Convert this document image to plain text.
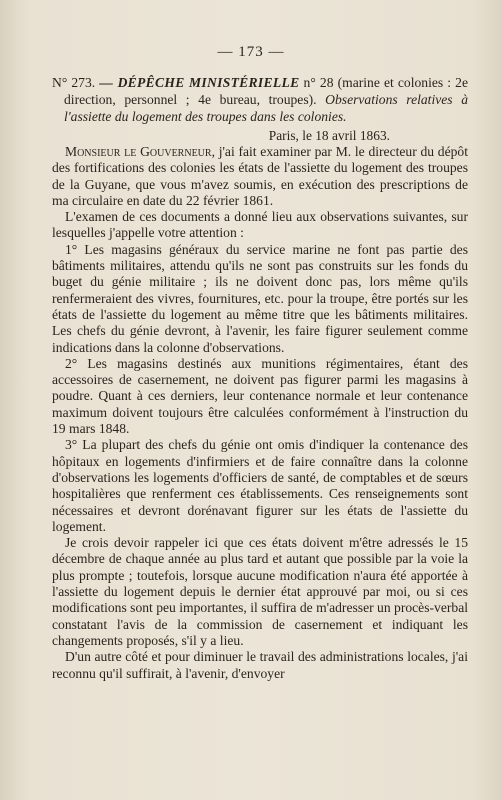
— 173 —
N° 273. — DÉPÊCHE MINISTÉRIELLE n° 28 (marine et colonies : 2e direction, personnel ; 4e bureau, troupes). Observations relatives à l'assiette du logement des troupes dans les colonies.
Paris, le 18 avril 1863.

Monsieur le Gouverneur, j'ai fait examiner par M. le directeur du dépôt des fortifications des colonies les états de l'assiette du logement des troupes de la Guyane, que vous m'avez soumis, en exécution des prescriptions de ma circulaire en date du 22 février 1861.

L'examen de ces documents a donné lieu aux observations suivantes, sur lesquelles j'appelle votre attention :

1° Les magasins généraux du service marine ne font pas partie des bâtiments militaires, attendu qu'ils ne sont pas construits sur les fonds du buget du génie militaire ; ils ne doivent donc pas, lors même qu'ils renfermeraient des vivres, fournitures, etc. pour la troupe, être portés sur les états de l'assiette du logement au même titre que les bâtiments militaires. Les chefs du génie devront, à l'avenir, les faire figurer seulement comme indications dans la colonne d'observations.

2° Les magasins destinés aux munitions régimentaires, étant des accessoires de casernement, ne doivent pas figurer parmi les magasins à poudre. Quant à ces derniers, leur contenance normale et leur contenance maximum doivent toujours être calculées conformément à l'instruction du 19 mars 1848.

3° La plupart des chefs du génie ont omis d'indiquer la contenance des hôpitaux en logements d'infirmiers et de faire connaître dans la colonne d'observations les logements d'officiers de santé, de comptables et de sœurs hospitalières que renferment ces établissements. Ces renseignements sont nécessaires et devront dorénavant figurer sur les états de l'assiette du logement.

Je crois devoir rappeler ici que ces états doivent m'être adressés le 15 décembre de chaque année au plus tard et autant que possible par la voie la plus prompte ; toutefois, lorsque aucune modification n'aura été apportée à l'assiette du logement depuis le dernier état approuvé par moi, ou si ces modifications sont peu importantes, il suffira de m'adresser un procès-verbal constatant l'avis de la commission de casernement et indiquant les changements proposés, s'il y a lieu.

D'un autre côté et pour diminuer le travail des administrations locales, j'ai reconnu qu'il suffirait, à l'avenir, d'envoyer
